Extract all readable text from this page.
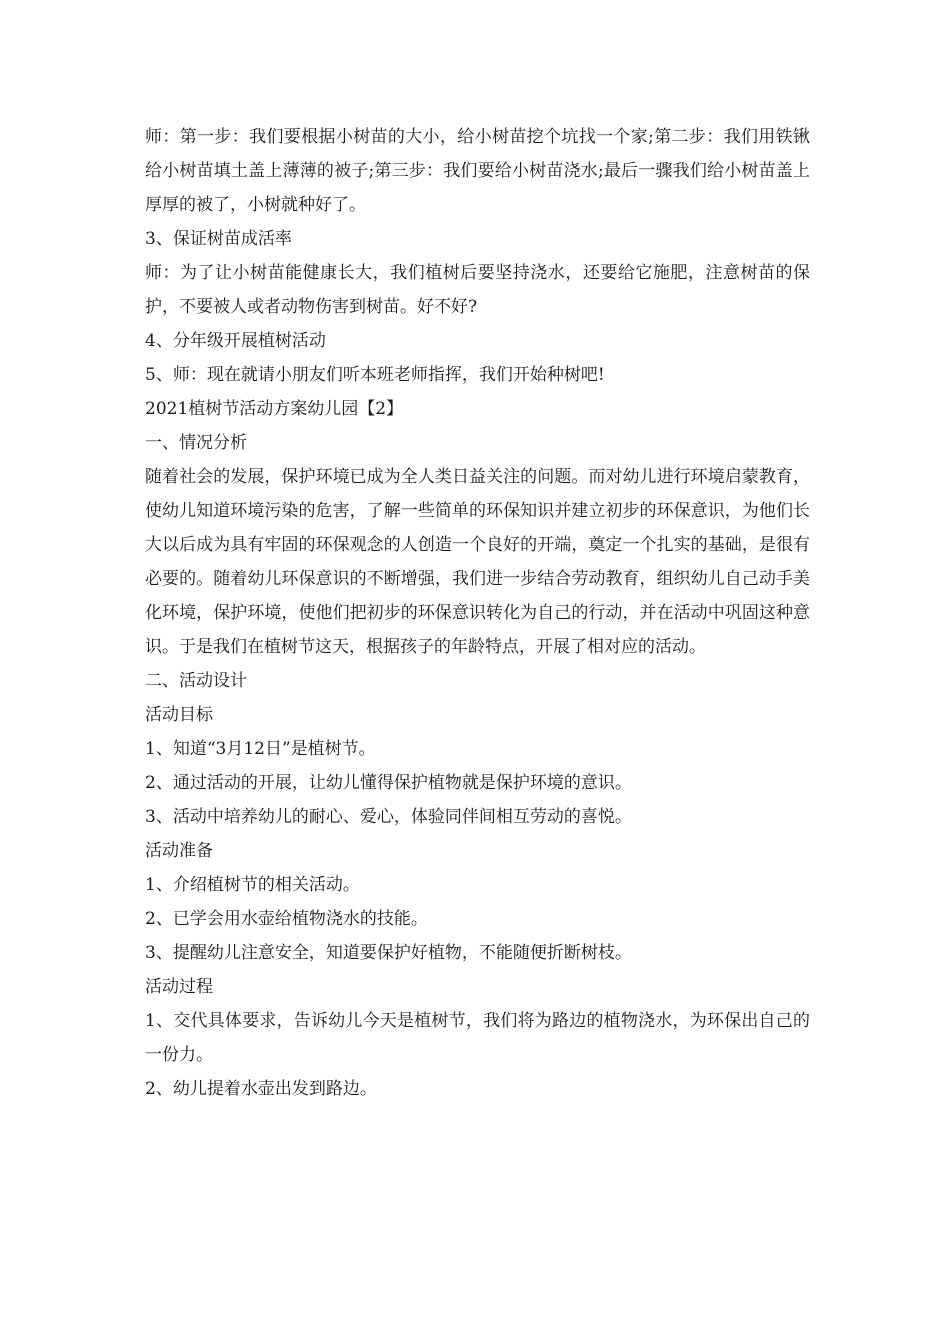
师：第一步：我们要根据小树苗的大小，给小树苗挖个坑找一个家;第二步：我们用铁锹给小树苗填土盖上薄薄的被子;第三步：我们要给小树苗浇水;最后一骤我们给小树苗盖上厚厚的被了，小树就种好了。

3、保证树苗成活率

师：为了让小树苗能健康长大，我们植树后要坚持浇水，还要给它施肥，注意树苗的保护，不要被人或者动物伤害到树苗。好不好?

4、分年级开展植树活动

5、师：现在就请小朋友们听本班老师指挥，我们开始种树吧!

2021植树节活动方案幼儿园【2】

一、情况分析

随着社会的发展，保护环境已成为全人类日益关注的问题。而对幼儿进行环境启蒙教育，使幼儿知道环境污染的危害，了解一些简单的环保知识并建立初步的环保意识，为他们长大以后成为具有牢固的环保观念的人创造一个良好的开端，奠定一个扎实的基础，是很有必要的。随着幼儿环保意识的不断增强，我们进一步结合劳动教育，组织幼儿自己动手美化环境，保护环境，使他们把初步的环保意识转化为自己的行动，并在活动中巩固这种意识。于是我们在植树节这天，根据孩子的年龄特点，开展了相对应的活动。

二、活动设计

活动目标

1、知道“3月12日”是植树节。

2、通过活动的开展，让幼儿懂得保护植物就是保护环境的意识。

3、活动中培养幼儿的耐心、爱心，体验同伴间相互劳动的喜悦。

活动准备

1、介绍植树节的相关活动。

2、已学会用水壶给植物浇水的技能。

3、提醒幼儿注意安全，知道要保护好植物，不能随便折断树枝。

活动过程

1、交代具体要求，告诉幼儿今天是植树节，我们将为路边的植物浇水，为环保出自己的一份力。

2、幼儿提着水壶出发到路边。
